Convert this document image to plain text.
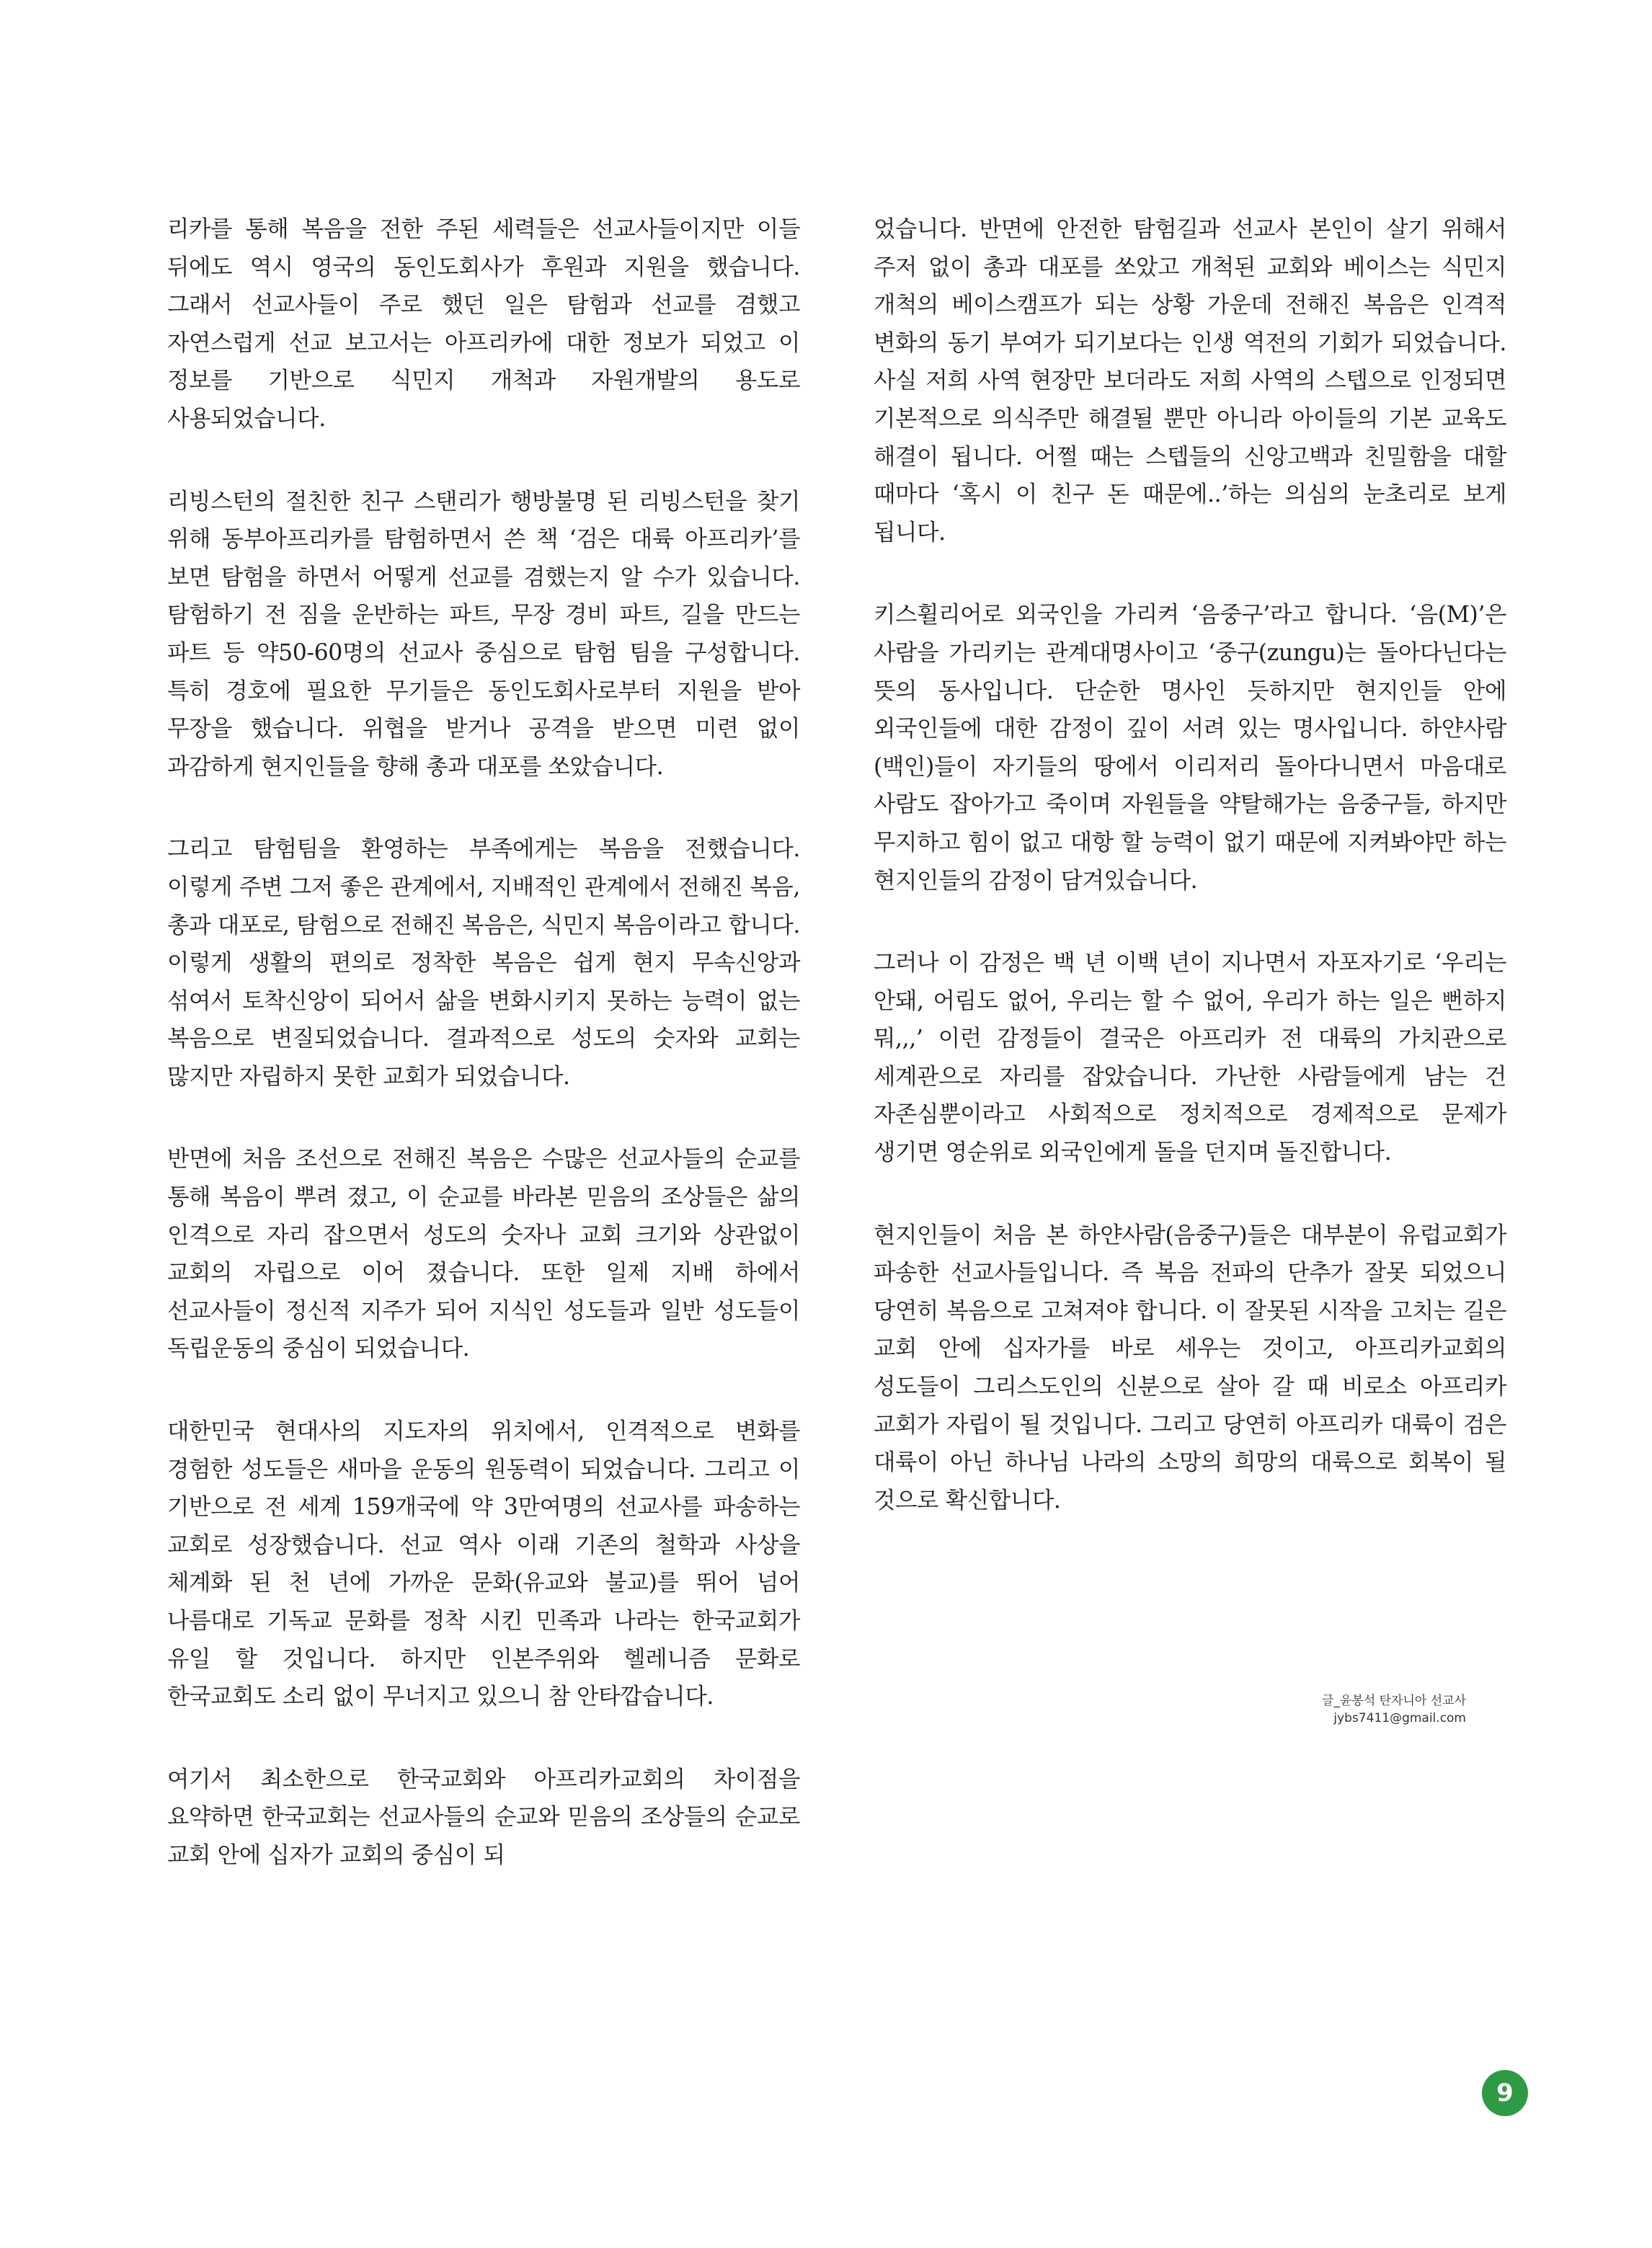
리카를 통해 복음을 전한 주된 세력들은 선교사들이지만 이들 뒤에도 역시 영국의 동인도회사가 후원과 지원을 했습니다. 그래서 선교사들이 주로 했던 일은 탐험과 선교를 겸했고 자연스럽게 선교 보고서는 아프리카에 대한 정보가 되었고 이 정보를 기반으로 식민지 개척과 자원개발의 용도로 사용되었습니다.

리빙스턴의 절친한 친구 스탠리가 행방불명 된 리빙스턴을 찾기 위해 동부아프리카를 탐험하면서 쓴 책 ‘검은 대륙 아프리카’를 보면 탐험을 하면서 어떻게 선교를 겸했는지 알 수가 있습니다. 탐험하기 전 짐을 운반하는 파트, 무장 경비 파트, 길을 만드는 파트 등 약50-60명의 선교사 중심으로 탐험 팀을 구성합니다. 특히 경호에 필요한 무기들은 동인도회사로부터 지원을 받아 무장을 했습니다. 위협을 받거나 공격을 받으면 미련 없이 과감하게 현지인들을 향해 총과 대포를 쏘았습니다.

그리고 탐험팀을 환영하는 부족에게는 복음을 전했습니다. 이렇게 주변 그저 좋은 관계에서, 지배적인 관계에서 전해진 복음, 총과 대포로, 탐험으로 전해진 복음은, 식민지 복음이라고 합니다. 이렇게 생활의 편의로 정착한 복음은 쉽게 현지 무속신앙과 섞여서 토착신앙이 되어서 삶을 변화시키지 못하는 능력이 없는 복음으로 변질되었습니다. 결과적으로 성도의 숫자와 교회는 많지만 자립하지 못한 교회가 되었습니다.

반면에 처음 조선으로 전해진 복음은 수많은 선교사들의 순교를 통해 복음이 뿌려 졌고, 이 순교를 바라본 믿음의 조상들은 삶의 인격으로 자리 잡으면서 성도의 숫자나 교회 크기와 상관없이 교회의 자립으로 이어 졌습니다. 또한 일제 지배 하에서 선교사들이 정신적 지주가 되어 지식인 성도들과 일반 성도들이 독립운동의 중심이 되었습니다.

대한민국 현대사의 지도자의 위치에서, 인격적으로 변화를 경험한 성도들은 새마을 운동의 원동력이 되었습니다. 그리고 이 기반으로 전 세계 159개국에 약 3만여명의 선교사를 파송하는 교회로 성장했습니다. 선교 역사 이래 기존의 철학과 사상을 체계화 된 천 년에 가까운 문화(유교와 불교)를 뛰어 넘어 나름대로 기독교 문화를 정착 시킨 민족과 나라는 한국교회가 유일 할 것입니다. 하지만 인본주위와 헬레니즘 문화로 한국교회도 소리 없이 무너지고 있으니 참 안타깝습니다.

여기서 최소한으로 한국교회와 아프리카교회의 차이점을 요약하면 한국교회는 선교사들의 순교와 믿음의 조상들의 순교로 교회 안에 십자가 교회의 중심이 되

었습니다. 반면에 안전한 탐험길과 선교사 본인이 살기 위해서 주저 없이 총과 대포를 쏘았고 개척된 교회와 베이스는 식민지 개척의 베이스캠프가 되는 상황 가운데 전해진 복음은 인격적 변화의 동기 부여가 되기보다는 인생 역전의 기회가 되었습니다. 사실 저희 사역 현장만 보더라도 저희 사역의 스텝으로 인정되면 기본적으로 의식주만 해결될 뿐만 아니라 아이들의 기본 교육도 해결이 됩니다. 어쩔 때는 스텝들의 신앙고백과 친밀함을 대할 때마다 ‘혹시 이 친구 돈 때문에..’하는 의심의 눈초리로 보게 됩니다.

키스휠리어로 외국인을 가리켜 ‘음중구’라고 합니다. ‘음(M)’은 사람을 가리키는 관계대명사이고 ‘중구(zungu)는 돌아다닌다는 뜻의 동사입니다. 단순한 명사인 듯하지만 현지인들 안에 외국인들에 대한 감정이 깊이 서려 있는 명사입니다. 하얀사람(백인)들이 자기들의 땅에서 이리저리 돌아다니면서 마음대로 사람도 잡아가고 죽이며 자원들을 약탈해가는 음중구들, 하지만 무지하고 힘이 없고 대항 할 능력이 없기 때문에 지켜봐야만 하는 현지인들의 감정이 담겨있습니다.

그러나 이 감정은 백 년 이백 년이 지나면서 자포자기로 ‘우리는 안돼, 어림도 없어, 우리는 할 수 없어, 우리가 하는 일은 뻔하지 뭐,,,’ 이런 감정들이 결국은 아프리카 전 대륙의 가치관으로 세계관으로 자리를 잡았습니다. 가난한 사람들에게 남는 건 자존심뿐이라고 사회적으로 정치적으로 경제적으로 문제가 생기면 영순위로 외국인에게 돌을 던지며 돌진합니다.

현지인들이 처음 본 하얀사람(음중구)들은 대부분이 유럽교회가 파송한 선교사들입니다. 즉 복음 전파의 단추가 잘못 되었으니 당연히 복음으로 고쳐져야 합니다. 이 잘못된 시작을 고치는 길은 교회 안에 십자가를 바로 세우는 것이고, 아프리카교회의 성도들이 그리스도인의 신분으로 살아 갈 때 비로소 아프리카 교회가 자립이 될 것입니다. 그리고 당연히 아프리카 대륙이 검은 대륙이 아닌 하나님 나라의 소망의 희망의 대륙으로 회복이 될 것으로 확신합니다.

글_윤봉석 탄자니아 선교사
jybs7411@gmail.com
9
